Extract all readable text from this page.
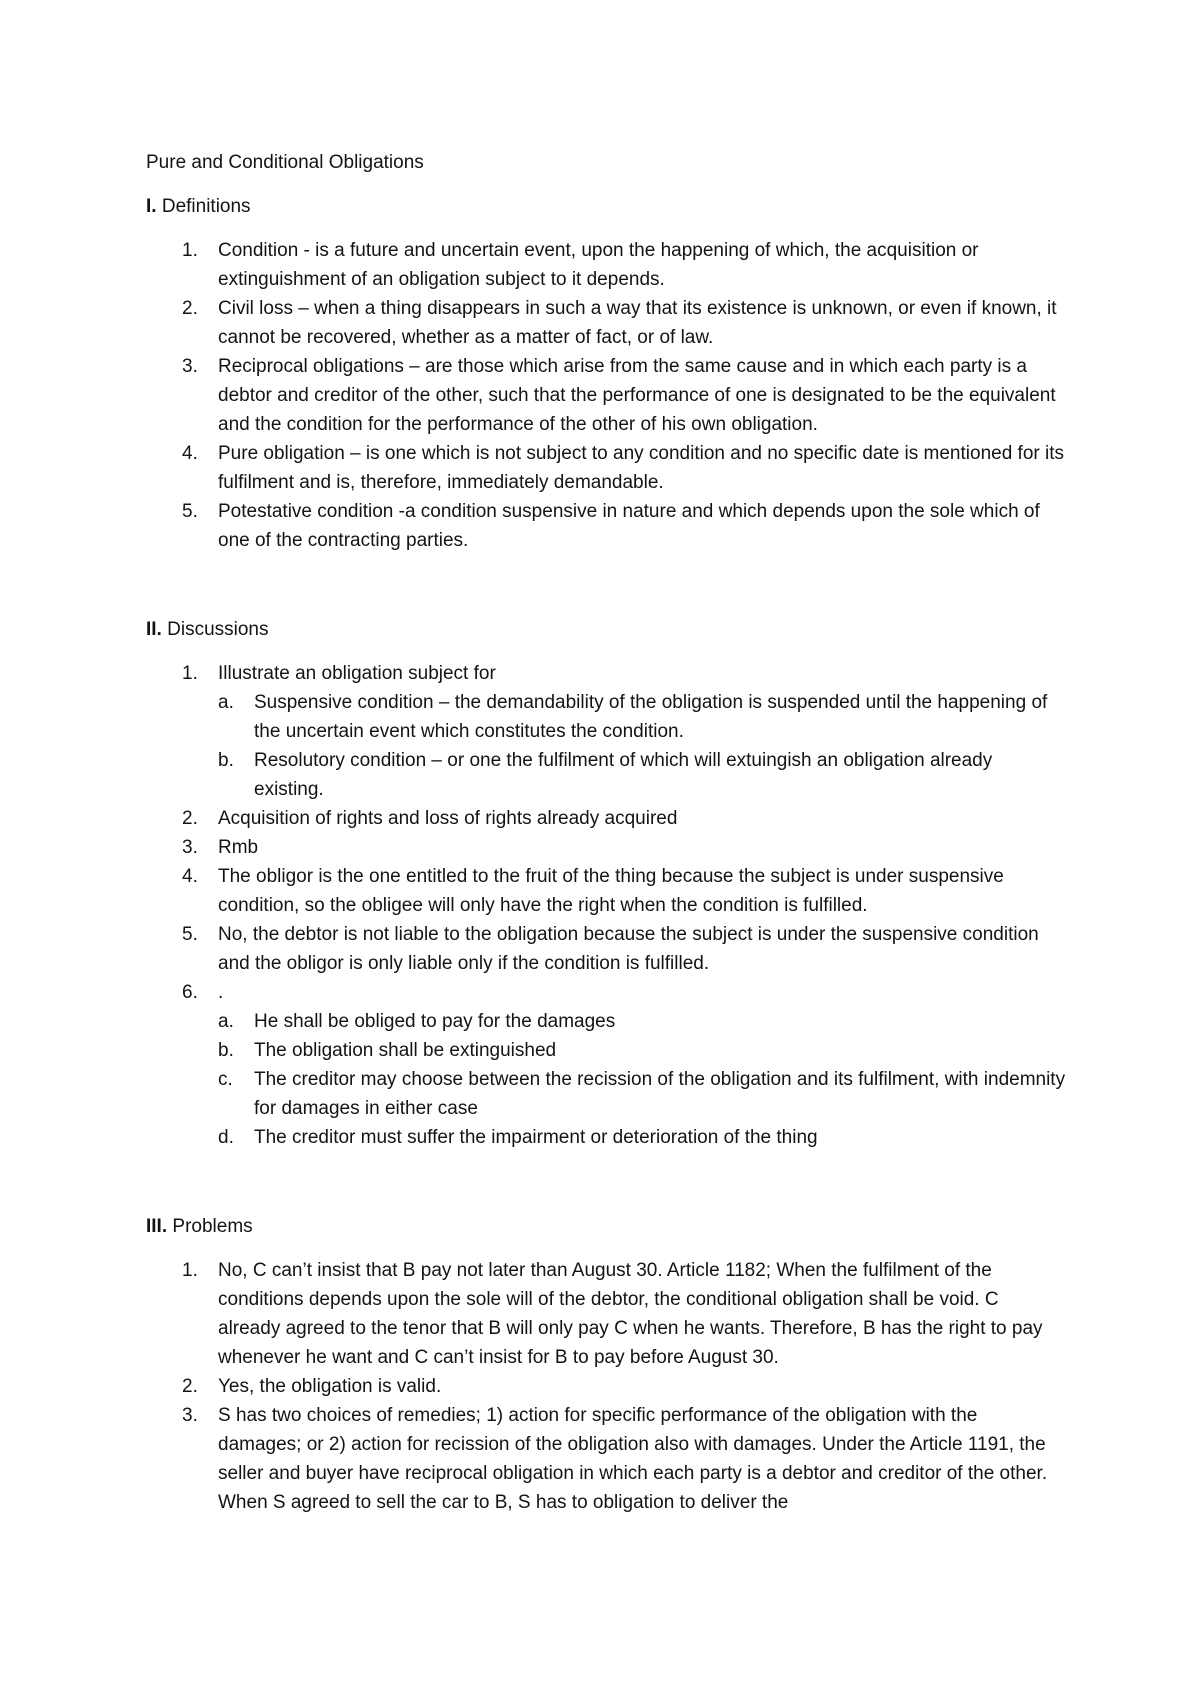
Pure and Conditional Obligations
I. Definitions
1. Condition - is a future and uncertain event, upon the happening of which, the acquisition or extinguishment of an obligation subject to it depends.
2. Civil loss – when a thing disappears in such a way that its existence is unknown, or even if known, it cannot be recovered, whether as a matter of fact, or of law.
3. Reciprocal obligations – are those which arise from the same cause and in which each party is a debtor and creditor of the other, such that the performance of one is designated to be the equivalent and the condition for the performance of the other of his own obligation.
4. Pure obligation – is one which is not subject to any condition and no specific date is mentioned for its fulfilment and is, therefore, immediately demandable.
5. Potestative condition -a condition suspensive in nature and which depends upon the sole which of one of the contracting parties.
II. Discussions
1. Illustrate an obligation subject for
a. Suspensive condition – the demandability of the obligation is suspended until the happening of the uncertain event which constitutes the condition.
b. Resolutory condition – or one the fulfilment of which will extuingish an obligation already existing.
2. Acquisition of rights and loss of rights already acquired
3. Rmb
4. The obligor is the one entitled to the fruit of the thing because the subject is under suspensive condition, so the obligee will only have the right when the condition is fulfilled.
5. No, the debtor is not liable to the obligation because the subject is under the suspensive condition and the obligor is only liable only if the condition is fulfilled.
6. .
a. He shall be obliged to pay for the damages
b. The obligation shall be extinguished
c. The creditor may choose between the recission of the obligation and its fulfilment, with indemnity for damages in either case
d. The creditor must suffer the impairment or deterioration of the thing
III. Problems
1. No, C can’t insist that B pay not later than August 30. Article 1182; When the fulfilment of the conditions depends upon the sole will of the debtor, the conditional obligation shall be void. C already agreed to the tenor that B will only pay C when he wants. Therefore, B has the right to pay whenever he want and C can’t insist for B to pay before August 30.
2. Yes, the obligation is valid.
3. S has two choices of remedies; 1) action for specific performance of the obligation with the damages; or 2) action for recission of the obligation also with damages. Under the Article 1191, the seller and buyer have reciprocal obligation in which each party is a debtor and creditor of the other. When S agreed to sell the car to B, S has to obligation to deliver the
